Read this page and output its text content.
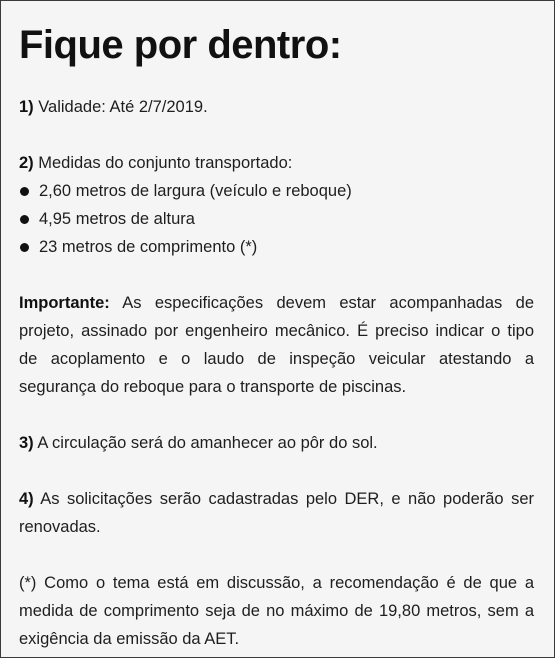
Fique por dentro:

1) Validade: Até 2/7/2019.

2) Medidas do conjunto transportado:

2,60 metros de largura (veículo e reboque)
4,95 metros de altura
23 metros de comprimento (*)

Importante: As especificações devem estar acompanhadas de projeto, assinado por engenheiro mecânico. É preciso indicar o tipo de acoplamento e o laudo de inspeção veicular atestando a segurança do reboque para o transporte de piscinas.

3) A circulação será do amanhecer ao pôr do sol.

4) As solicitações serão cadastradas pelo DER, e não poderão ser renovadas.

(*) Como o tema está em discussão, a recomendação é de que a medida de comprimento seja de no máximo de 19,80 metros, sem a exigência da emissão da AET.
